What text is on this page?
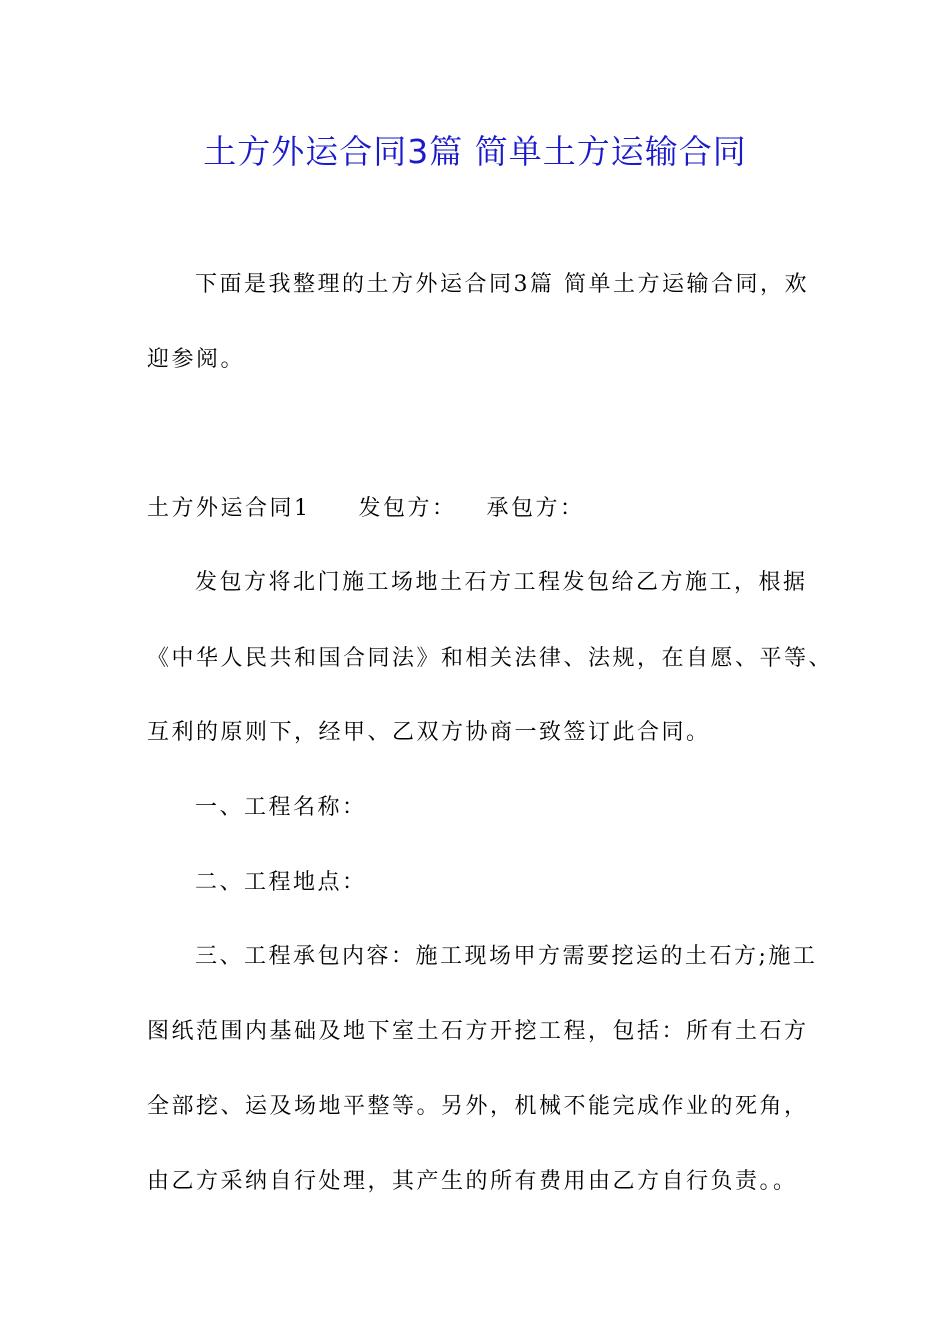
土方外运合同3篇 简单土方运输合同
下面是我整理的土方外运合同3篇 简单土方运输合同，欢
迎参阅。
土方外运合同1 发包方： 承包方：
发包方将北门施工场地土石方工程发包给乙方施工，根据
《中华人民共和国合同法》和相关法律、法规，在自愿、平等、
互利的原则下，经甲、乙双方协商一致签订此合同。
一、工程名称：
二、工程地点：
三、工程承包内容：施工现场甲方需要挖运的土石方;施工
图纸范围内基础及地下室土石方开挖工程，包括：所有土石方
全部挖、运及场地平整等。另外，机械不能完成作业的死角，
由乙方采纳自行处理，其产生的所有费用由乙方自行负责。。
